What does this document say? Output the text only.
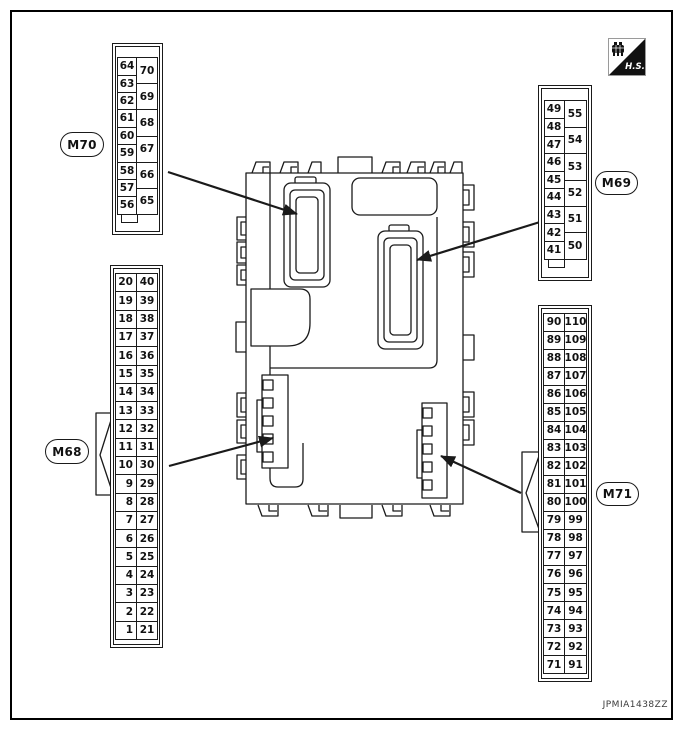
64
63
62
61
60
59
58
57
56
70
69
68
67
66
65
49
48
47
46
45
44
43
42
41
55
54
53
52
51
50
20
19
18
17
16
15
14
13
12
11
10
9
8
7
6
5
4
3
2
1
40
39
38
37
36
35
34
33
32
31
30
29
28
27
26
25
24
23
22
21
90
89
88
87
86
85
84
83
82
81
80
79
78
77
76
75
74
73
72
71
110
109
108
107
106
105
104
103
102
101
100
99
98
97
96
95
94
93
92
91
M70
M69
M68
M71
H.S.
JPMIA1438ZZ
